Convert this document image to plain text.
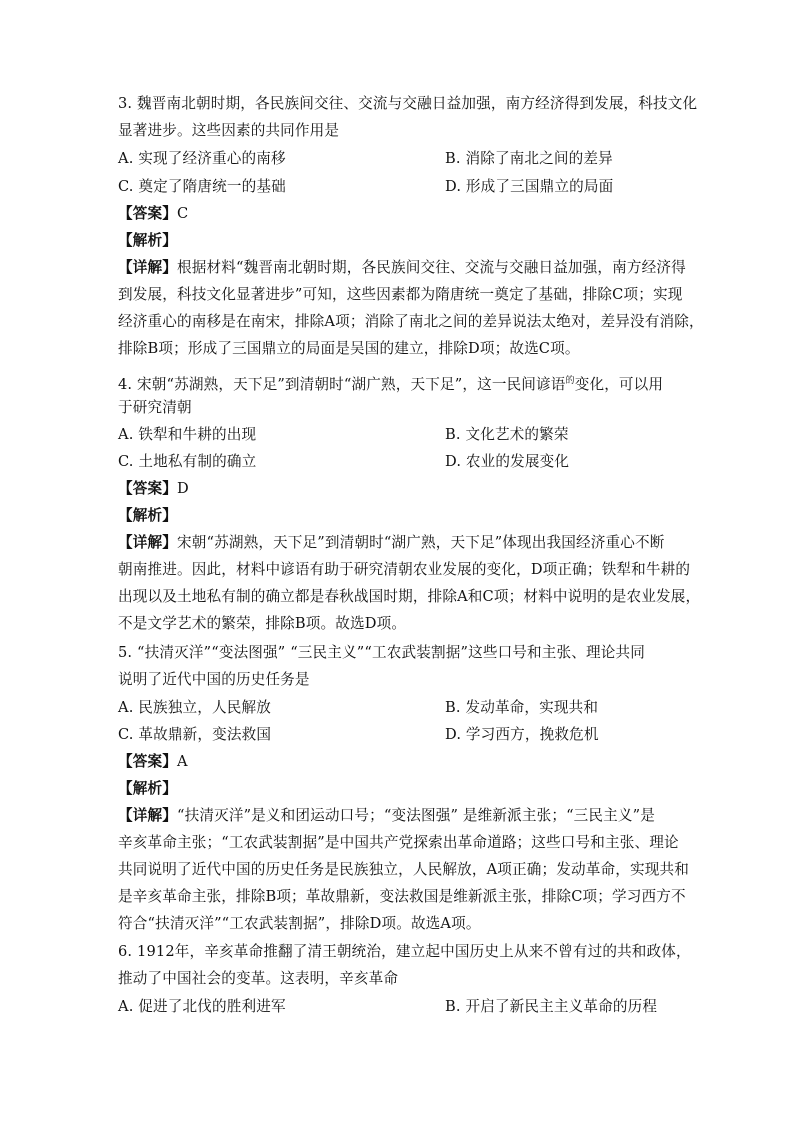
3. 魏晋南北朝时期，各民族间交往、交流与交融日益加强，南方经济得到发展，科技文化
显著进步。这些因素的共同作用是
A. 实现了经济重心的南移	B. 消除了南北之间的差异
C. 奠定了隋唐统一的基础	D. 形成了三国鼎立的局面
【答案】C
【解析】
【详解】根据材料“魏晋南北朝时期，各民族间交往、交流与交融日益加强，南方经济得
到发展，科技文化显著进步”可知，这些因素都为隋唐统一奠定了基础，排除C项；实现
经济重心的南移是在南宋，排除A项；消除了南北之间的差异说法太绝对，差异没有消除，
排除B项；形成了三国鼎立的局面是吴国的建立，排除D项；故选C项。
4. 宋朝“苏湖熟，天下足”到清朝时“湖广熟，天下足”，这一民间谚语$^的$变化，可以用
于研究清朝
A. 铁犁和牛耕的出现	B. 文化艺术的繁荣
C. 土地私有制的确立	D. 农业的发展变化
【答案】D
【解析】
【详解】宋朝“苏湖熟，天下足”到清朝时“湖广熟，天下足”体现出我国经济重心不断
朝南推进。因此，材料中谚语有助于研究清朝农业发展的变化，D项正确；铁犁和牛耕的
出现以及土地私有制的确立都是春秋战国时期，排除A和C项；材料中说明的是农业发展，
不是文学艺术的繁荣，排除B项。故选D项。
5. “扶清灭洋”“变法图强” “三民主义”“工农武装割据”这些口号和主张、理论共同
说明了近代中国的历史任务是
A. 民族独立，人民解放	B. 发动革命，实现共和
C. 革故鼎新，变法救国	D. 学习西方，挽救危机
【答案】A
【解析】
【详解】“扶清灭洋”是义和团运动口号；“变法图强” 是维新派主张；“三民主义”是
辛亥革命主张；“工农武装割据”是中国共产党探索出革命道路；这些口号和主张、理论
共同说明了近代中国的历史任务是民族独立，人民解放，A项正确；发动革命，实现共和
是辛亥革命主张，排除B项；革故鼎新，变法救国是维新派主张，排除C项；学习西方不
符合“扶清灭洋”“工农武装割据”，排除D项。故选A项。
6. 1912年，辛亥革命推翻了清王朝统治，建立起中国历史上从来不曾有过的共和政体，
推动了中国社会的变革。这表明，辛亥革命
A. 促进了北伐的胜利进军	B. 开启了新民主主义革命的历程
